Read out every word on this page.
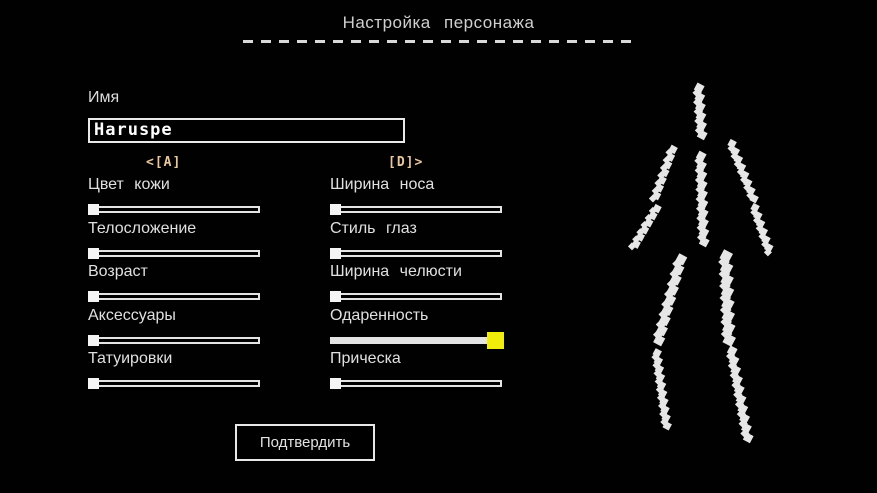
Настройка персонажа
Имя
Haruspe
<[A]	[D]>
Цвет кожи
Телосложение
Возраст
Аксессуары
Татуировки
Ширина носа
Стиль глаз
Ширина челюсти
Одаренность
Прическа
Подтвердить
